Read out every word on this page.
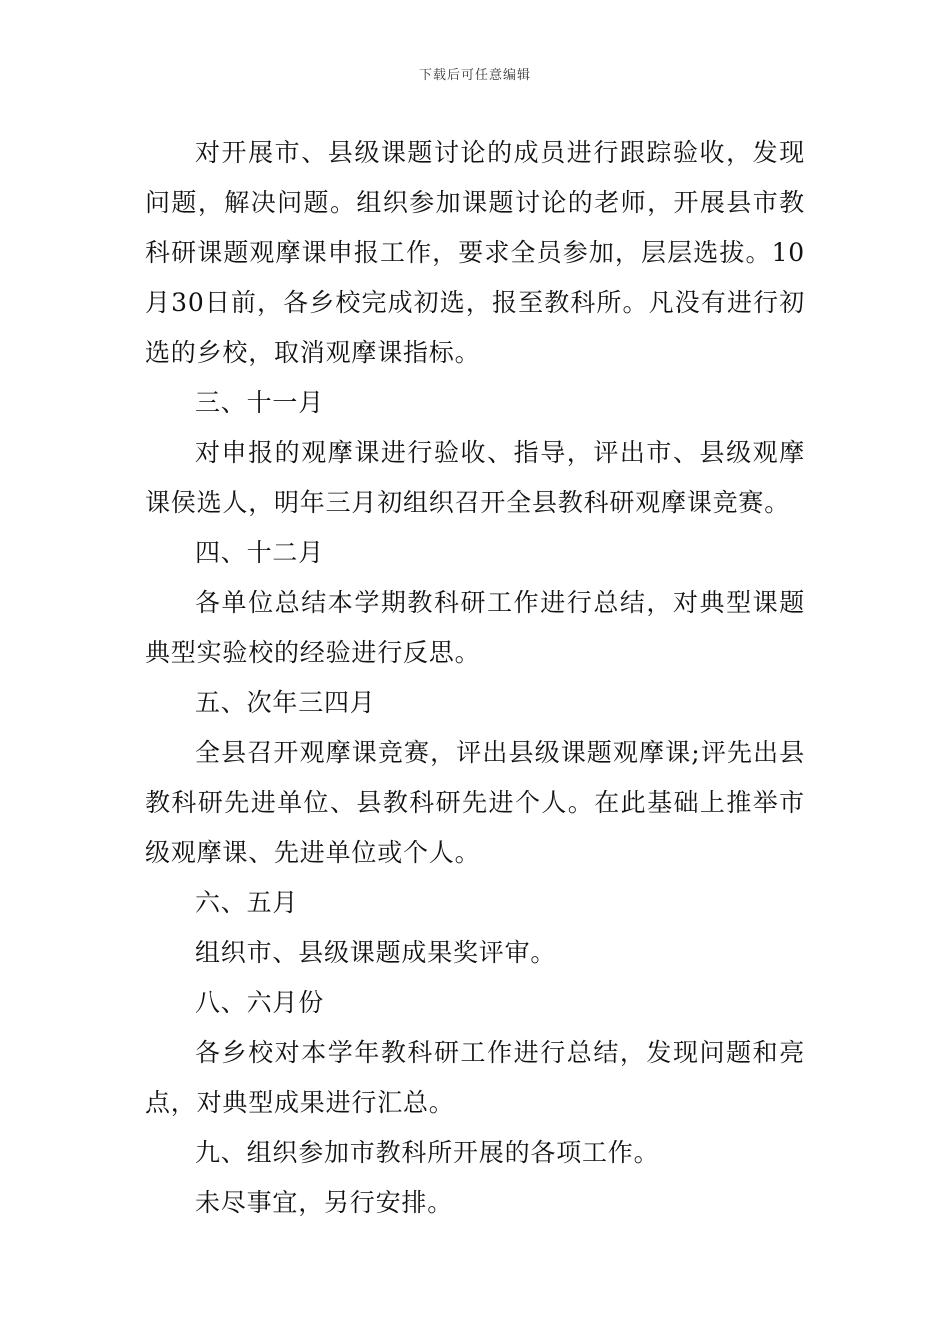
下载后可任意编辑

对开展市、县级课题讨论的成员进行跟踪验收，发现问题，解决问题。组织参加课题讨论的老师，开展县市教科研课题观摩课申报工作，要求全员参加，层层选拔。10月30日前，各乡校完成初选，报至教科所。凡没有进行初选的乡校，取消观摩课指标。

三、十一月

对申报的观摩课进行验收、指导，评出市、县级观摩课侯选人，明年三月初组织召开全县教科研观摩课竞赛。

四、十二月

各单位总结本学期教科研工作进行总结，对典型课题典型实验校的经验进行反思。

五、次年三四月

全县召开观摩课竞赛，评出县级课题观摩课;评先出县教科研先进单位、县教科研先进个人。在此基础上推举市级观摩课、先进单位或个人。

六、五月

组织市、县级课题成果奖评审。

八、六月份

各乡校对本学年教科研工作进行总结，发现问题和亮点，对典型成果进行汇总。

九、组织参加市教科所开展的各项工作。

未尽事宜，另行安排。
